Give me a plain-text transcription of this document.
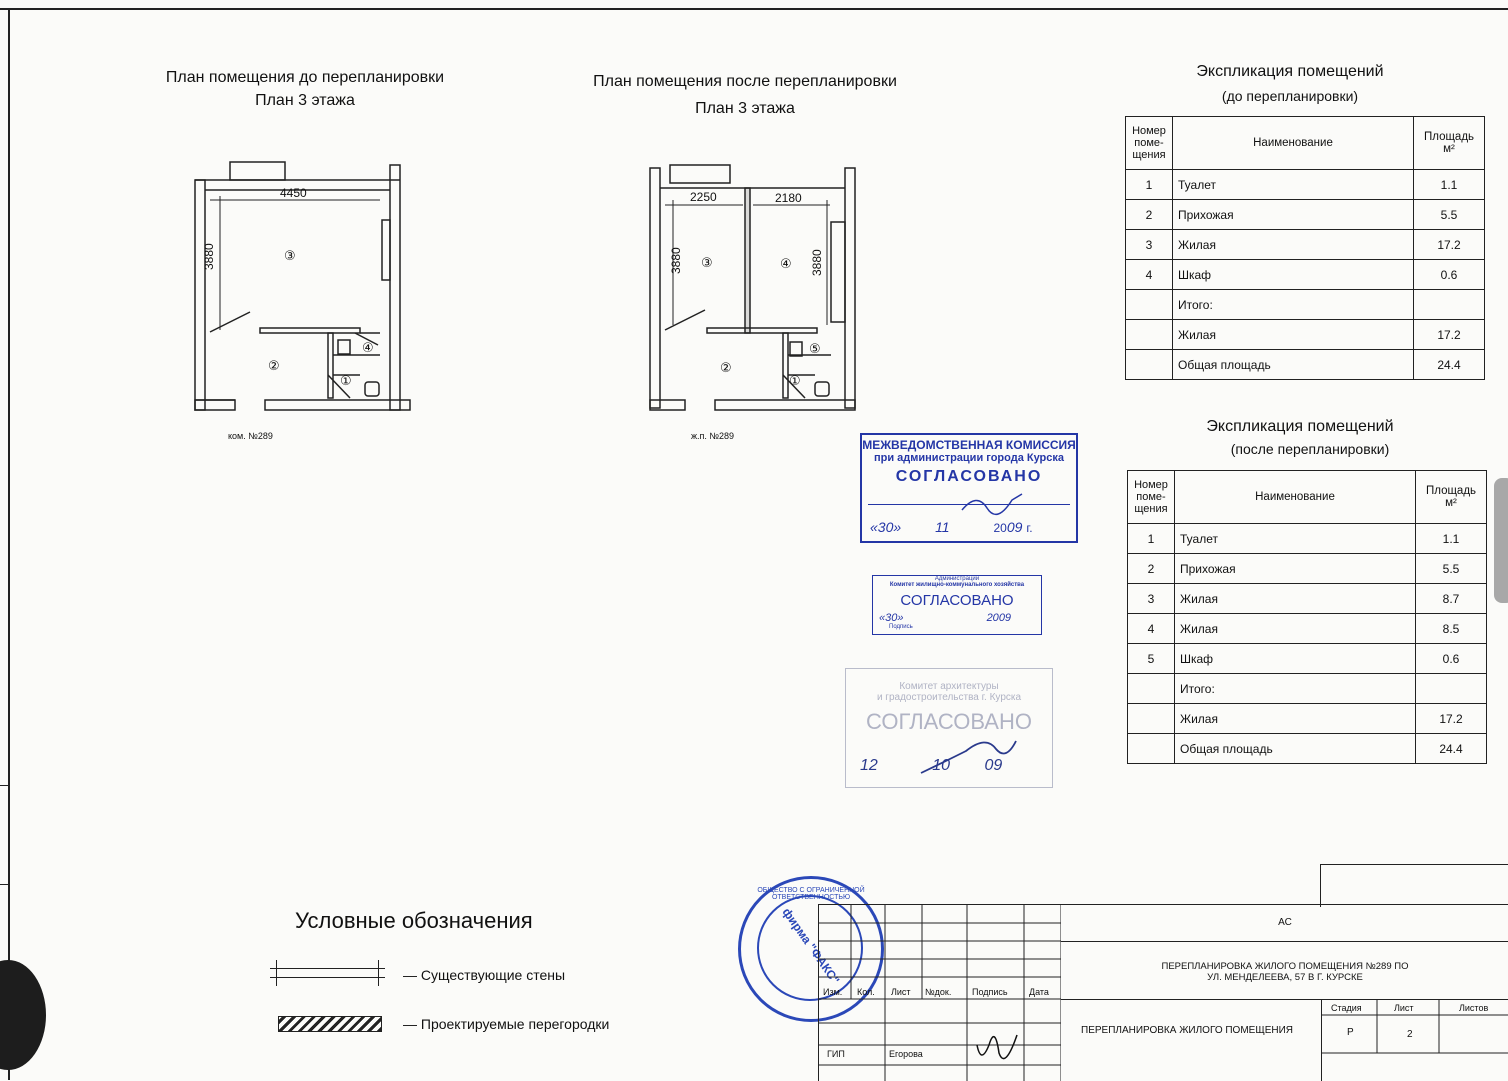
План помещения до перепланировки
План 3 этажа
4450
3880	③
②
①
④
ком. №289
План помещения после перепланировки
План 3 этажа
2250	2180
3880	3880
③	④
②
①
⑤
ж.п. №289
Экспликация помещений
(до перепланировки)
Номер поме- щения	Наименование	Площадь м²
1	Туалет	1.1
2	Прихожая	5.5
3	Жилая	17.2
4	Шкаф	0.6
	Итого:	
	Жилая	17.2
	Общая площадь	24.4
Экспликация помещений
(после перепланировки)
Номер поме- щения	Наименование	Площадь м²
1	Туалет	1.1
2	Прихожая	5.5
3	Жилая	8.7
4	Жилая	8.5
5	Шкаф	0.6
	Итого:	
	Жилая	17.2
	Общая площадь	24.4
МЕЖВЕДОМСТВЕННАЯ КОМИССИЯ
при администрации города Курска
СОГЛАСОВАНО
«30» 11	2009 г.
Администрации
Комитет жилищно-коммунального хозяйства
СОГЛАСОВАНО
«30»	2009
Подпись
Комитет архитектуры
и градостроительства г. Курска
СОГЛАСОВАНО
12	10 09
Условные обозначения
— Существующие стены
— Проектируемые перегородки
ОБЩЕСТВО С ОГРАНИЧЕННОЙ ОТВЕТСТВЕННОСТЬЮ
фирма "ФАКС"
Изм. Кол. Лист №док. Подпись Дата
ГИП	Егорова
АС
ПЕРЕПЛАНИРОВКА ЖИЛОГО ПОМЕЩЕНИЯ №289 ПО
УЛ. МЕНДЕЛЕЕВА, 57 В Г. КУРСКЕ
ПЕРЕПЛАНИРОВКА ЖИЛОГО ПОМЕЩЕНИЯ
Стадия	Лист	Листов
Р	2
